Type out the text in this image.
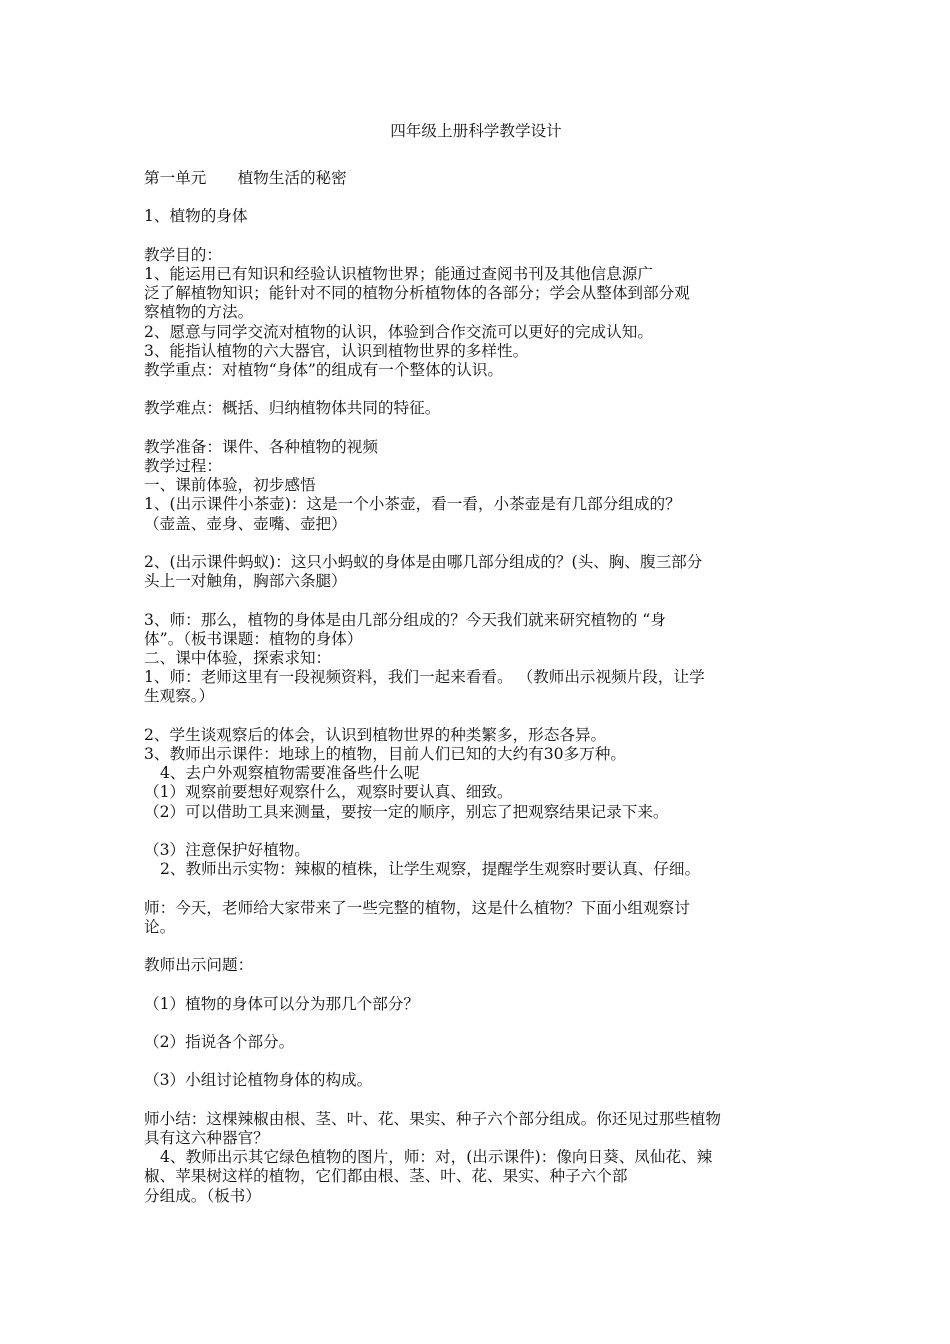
四年级上册科学教学设计
第一单元　　植物生活的秘密
1、植物的身体
教学目的：
1、能运用已有知识和经验认识植物世界；能通过查阅书刊及其他信息源广
泛了解植物知识；能针对不同的植物分析植物体的各部分；学会从整体到部分观
察植物的方法。
2、愿意与同学交流对植物的认识，体验到合作交流可以更好的完成认知。
3、能指认植物的六大器官，认识到植物世界的多样性。
教学重点：对植物“身体”的组成有一个整体的认识。
教学难点：概括、归纳植物体共同的特征。
教学准备：课件、各种植物的视频
教学过程：
一、课前体验，初步感悟
1、(出示课件小茶壶)：这是一个小茶壶，看一看，小茶壶是有几部分组成的？
（壶盖、壶身、壶嘴、壶把）
2、(出示课件蚂蚁)：这只小蚂蚁的身体是由哪几部分组成的？(头、胸、腹三部分
头上一对触角，胸部六条腿）
3、师：那么，植物的身体是由几部分组成的？今天我们就来研究植物的 “身
体”。（板书课题：植物的身体）
二、课中体验，探索求知：
1、师：老师这里有一段视频资料，我们一起来看看。 （教师出示视频片段，让学
生观察。）
2、学生谈观察后的体会，认识到植物世界的种类繁多，形态各异。
3、教师出示课件：地球上的植物，目前人们已知的大约有30多万种。
4、去户外观察植物需要准备些什么呢
（1）观察前要想好观察什么，观察时要认真、细致。
（2）可以借助工具来测量，要按一定的顺序，别忘了把观察结果记录下来。
（3）注意保护好植物。
2、教师出示实物：辣椒的植株，让学生观察，提醒学生观察时要认真、仔细。
师：今天，老师给大家带来了一些完整的植物，这是什么植物？下面小组观察讨
论。
教师出示问题：
（1）植物的身体可以分为那几个部分？
（2）指说各个部分。
（3）小组讨论植物身体的构成。
师小结：这棵辣椒由根、茎、叶、花、果实、种子六个部分组成。你还见过那些植物
具有这六种器官？
4、教师出示其它绿色植物的图片，师：对，(出示课件)：像向日葵、凤仙花、辣
椒、苹果树这样的植物，它们都由根、茎、叶、花、果实、种子六个部
分组成。（板书）
